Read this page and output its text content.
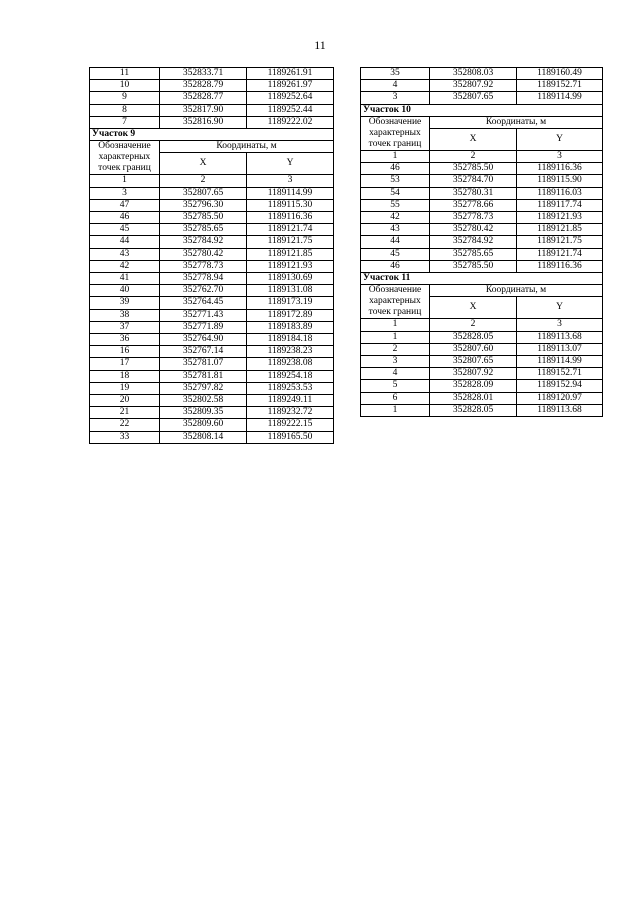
11
11	352833.71	1189261.91
10	352828.79	1189261.97
9	352828.77	1189252.64
8	352817.90	1189252.44
7	352816.90	1189222.02
Участок 9		
Обозначение характерных точек границ	Координаты, м	
	X	Y
1	2	3
3	352807.65	1189114.99
47	352796.30	1189115.30
46	352785.50	1189116.36
45	352785.65	1189121.74
44	352784.92	1189121.75
43	352780.42	1189121.85
42	352778.73	1189121.93
41	352778.94	1189130.69
40	352762.70	1189131.08
39	352764.45	1189173.19
38	352771.43	1189172.89
37	352771.89	1189183.89
36	352764.90	1189184.18
16	352767.14	1189238.23
17	352781.07	1189238.08
18	352781.81	1189254.18
19	352797.82	1189253.53
20	352802.58	1189249.11
21	352809.35	1189232.72
22	352809.60	1189222.15
33	352808.14	1189165.50
35	352808.03	1189160.49
4	352807.92	1189152.71
3	352807.65	1189114.99
Участок 10		
Обозначение характерных точек границ	Координаты, м	
	X	Y
1	2	3
46	352785.50	1189116.36
53	352784.70	1189115.90
54	352780.31	1189116.03
55	352778.66	1189117.74
42	352778.73	1189121.93
43	352780.42	1189121.85
44	352784.92	1189121.75
45	352785.65	1189121.74
46	352785.50	1189116.36
Участок 11		
Обозначение характерных точек границ	Координаты, м	
	X	Y
1	2	3
1	352828.05	1189113.68
2	352807.60	1189113.07
3	352807.65	1189114.99
4	352807.92	1189152.71
5	352828.09	1189152.94
6	352828.01	1189120.97
1	352828.05	1189113.68
